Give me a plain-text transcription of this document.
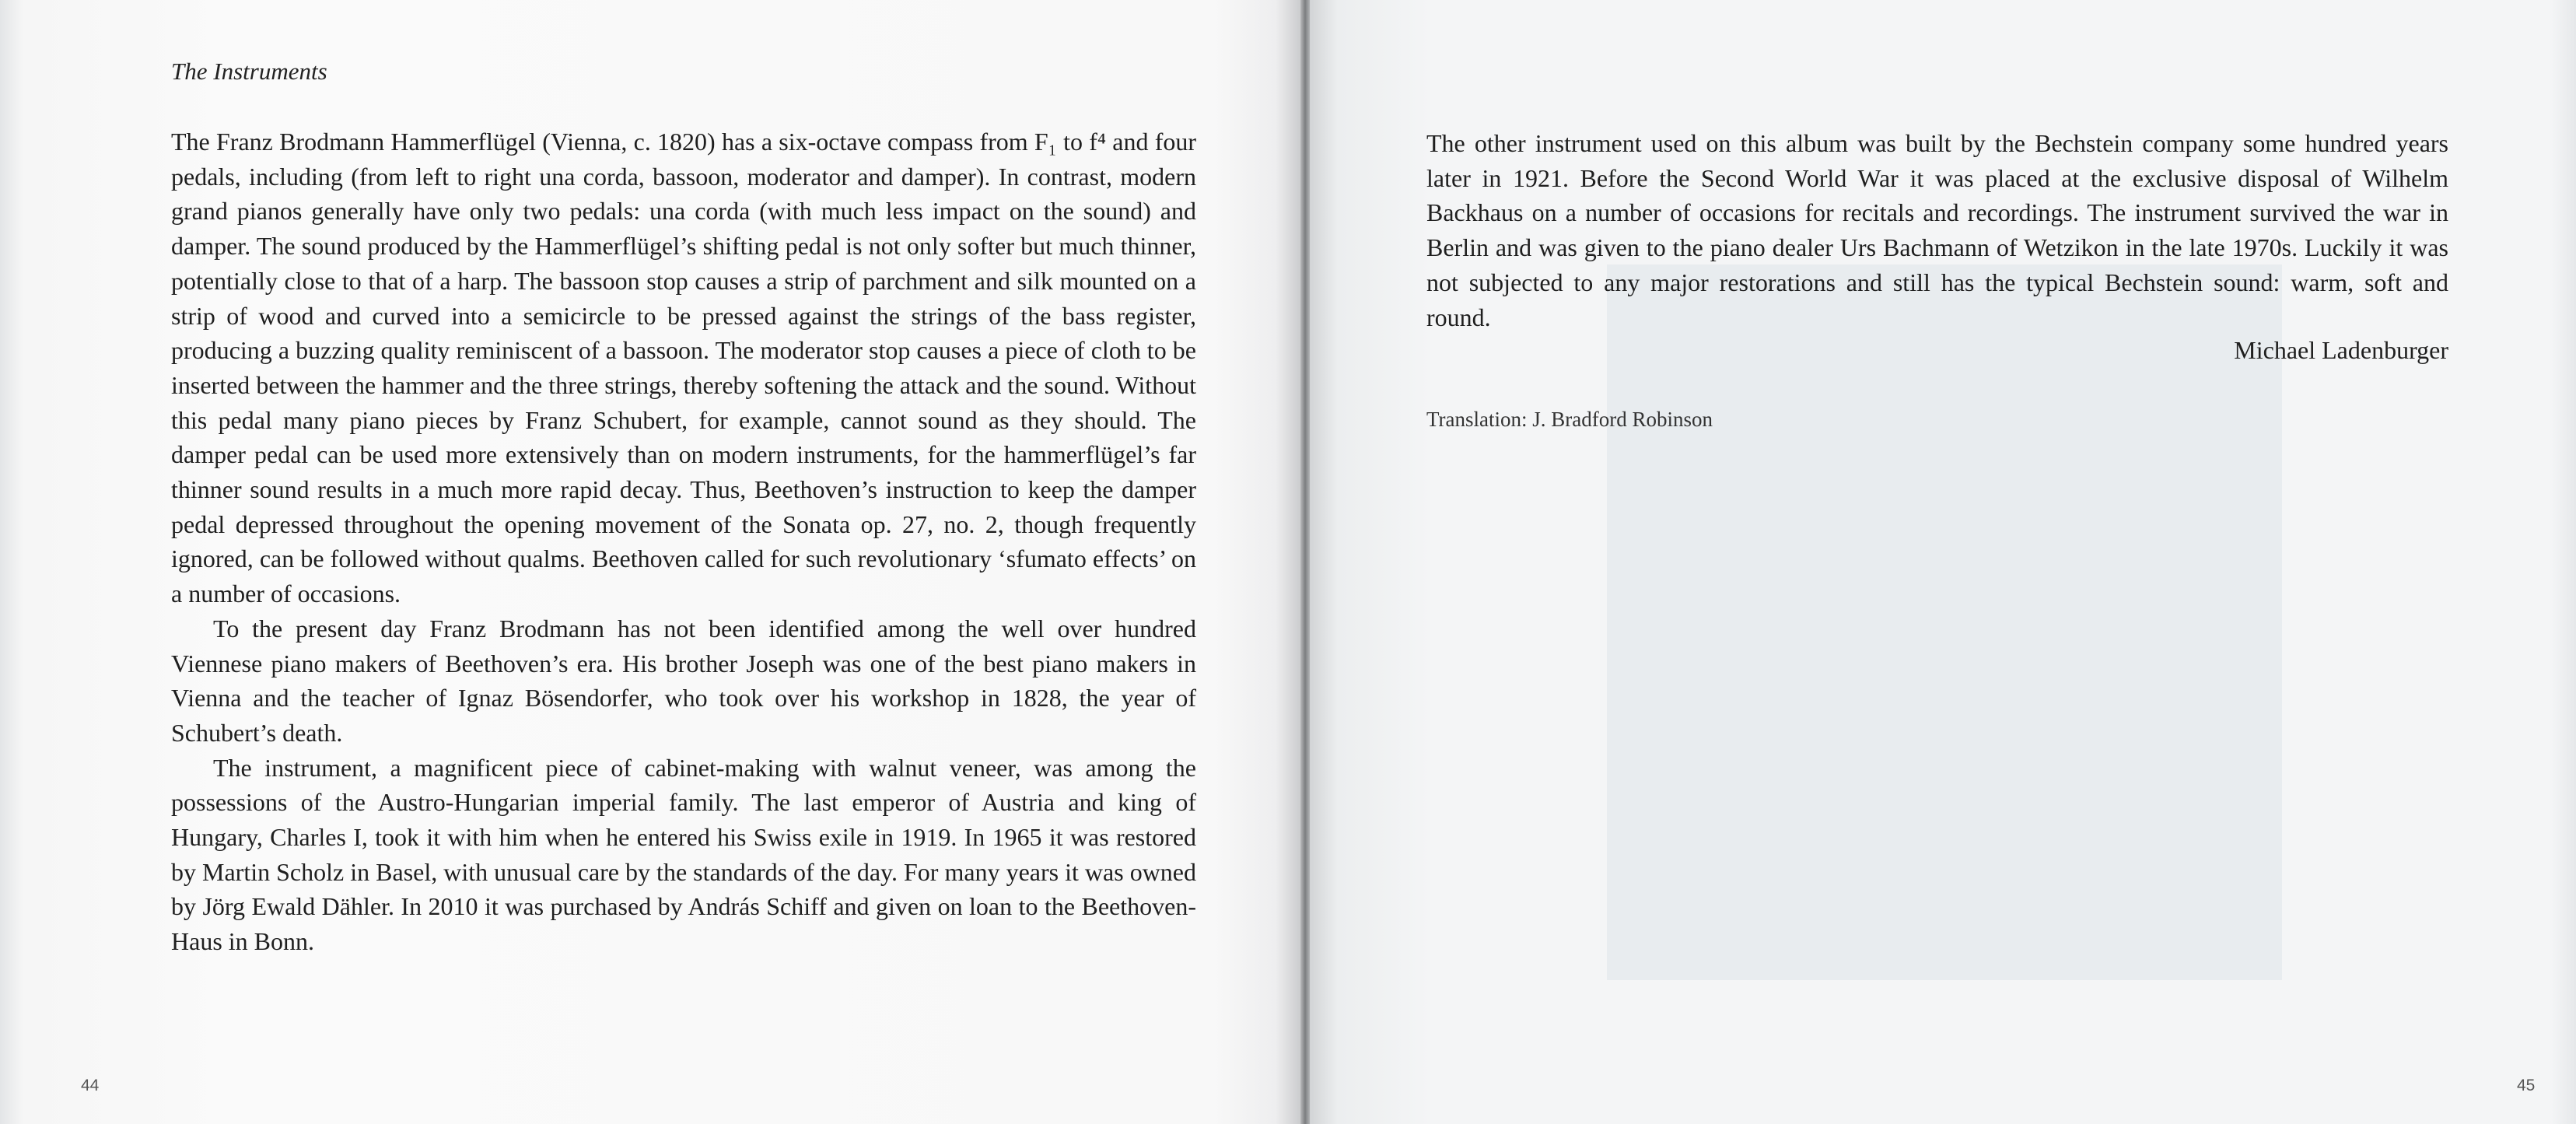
The Instruments

The Franz Brodmann Hammerflügel (Vienna, c. 1820) has a six-octave compass from F₁ to f⁴ and four pedals, including (from left to right una corda, bassoon, moderator and damper). In contrast, modern grand pianos generally have only two pedals: una corda (with much less impact on the sound) and damper. The sound produced by the Hammerflügel’s shifting pedal is not only softer but much thinner, potentially close to that of a harp. The bassoon stop causes a strip of parchment and silk mounted on a strip of wood and curved into a semicircle to be pressed against the strings of the bass register, producing a buzzing quality reminiscent of a bassoon. The moderator stop causes a piece of cloth to be inserted between the hammer and the three strings, thereby softening the attack and the sound. Without this pedal many piano pieces by Franz Schubert, for example, cannot sound as they should. The damper pedal can be used more extensively than on modern instruments, for the hammerflügel’s far thinner sound results in a much more rapid decay. Thus, Beethoven’s instruction to keep the damper pedal depressed throughout the opening movement of the Sonata op. 27, no. 2, though frequently ignored, can be followed without qualms. Beethoven called for such revolutionary ‘sfumato effects’ on a number of occasions.

To the present day Franz Brodmann has not been identified among the well over hundred Viennese piano makers of Beethoven’s era. His brother Joseph was one of the best piano makers in Vienna and the teacher of Ignaz Bösendorfer, who took over his workshop in 1828, the year of Schubert’s death.

The instrument, a magnificent piece of cabinet-making with walnut veneer, was among the possessions of the Austro-Hungarian imperial family. The last emperor of Austria and king of Hungary, Charles I, took it with him when he entered his Swiss exile in 1919. In 1965 it was restored by Martin Scholz in Basel, with unusual care by the standards of the day. For many years it was owned by Jörg Ewald Dähler. In 2010 it was purchased by András Schiff and given on loan to the Beethoven-Haus in Bonn.

The other instrument used on this album was built by the Bechstein company some hundred years later in 1921. Before the Second World War it was placed at the exclusive disposal of Wilhelm Backhaus on a number of occasions for recitals and recordings. The instrument survived the war in Berlin and was given to the piano dealer Urs Bachmann of Wetzikon in the late 1970s. Luckily it was not subjected to any major restorations and still has the typical Bechstein sound: warm, soft and round.

Michael Ladenburger
Translation: J. Bradford Robinson
44	45
